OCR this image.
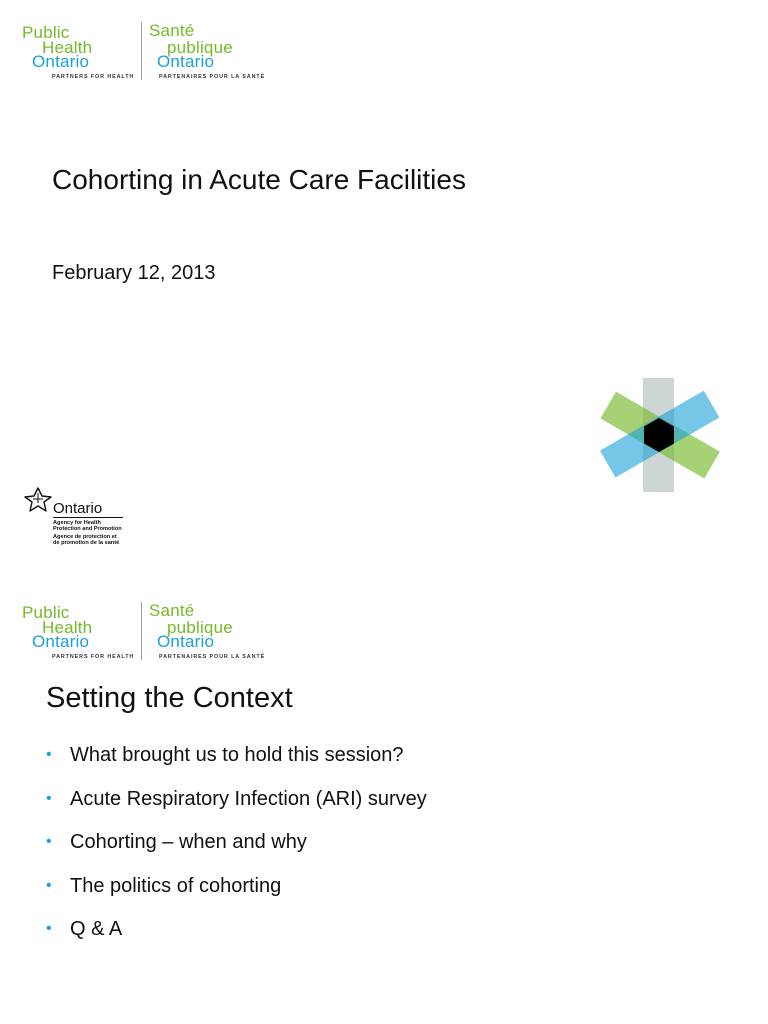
Public
Health
Ontario
PARTNERS FOR HEALTH
Santé
publique
Ontario
PARTENAIRES POUR LA SANTÉ
Cohorting in Acute Care Facilities
February 12, 2013
Ontario
Agency for Health
Protection and Promotion
Agence de protection et
de promotion de la santé
Public
Health
Ontario
PARTNERS FOR HEALTH
Santé
publique
Ontario
PARTENAIRES POUR LA SANTÉ
Setting the Context
• What brought us to hold this session?
• Acute Respiratory Infection (ARI) survey
• Cohorting – when and why
• The politics of cohorting
• Q & A
